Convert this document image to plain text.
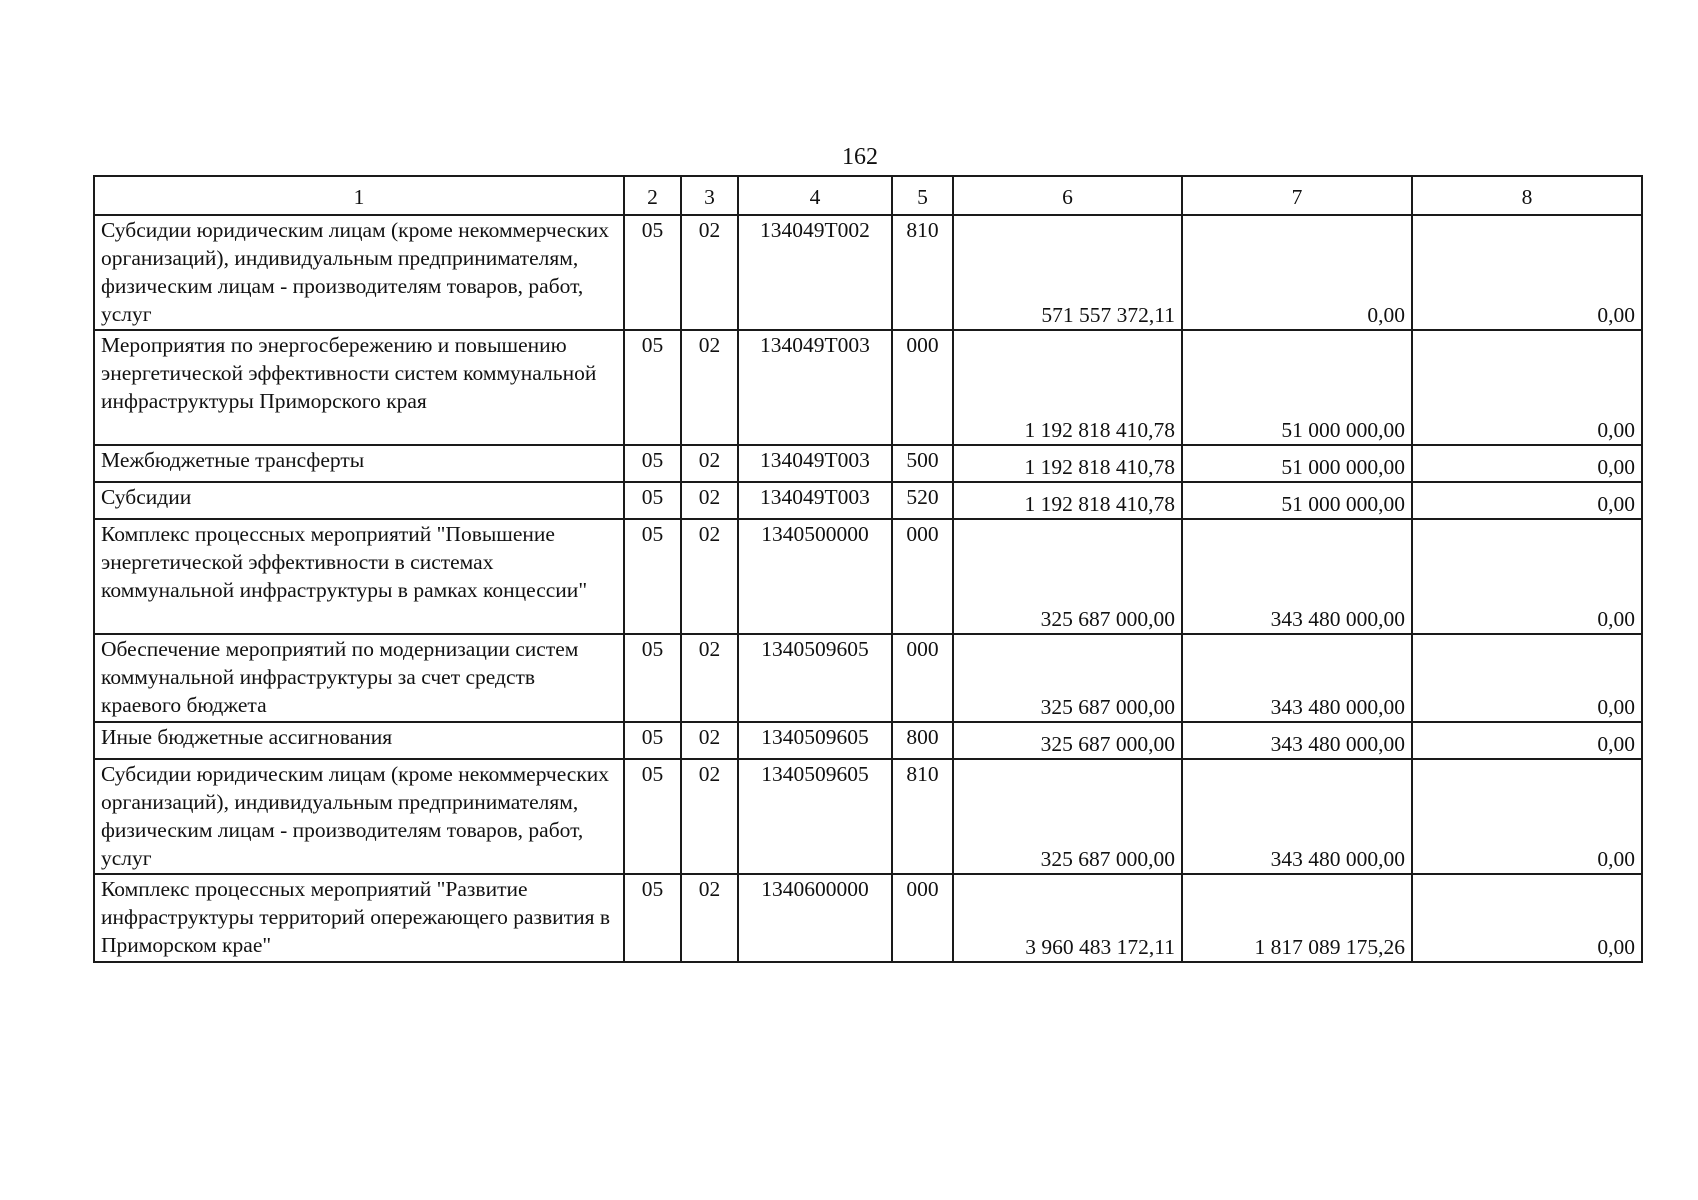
162
1	2	3	4	5	6	7	8
Субсидии юридическим лицам (кроме некоммерческих организаций), индивидуальным предпринимателям, физическим лицам - производителям товаров, работ, услуг	05	02	134049Т002	810	571 557 372,11	0,00	0,00
Мероприятия по энергосбережению и повышению энергетической эффективности систем коммунальной инфраструктуры Приморского края	05	02	134049Т003	000	1 192 818 410,78	51 000 000,00	0,00
Межбюджетные трансферты	05	02	134049Т003	500	1 192 818 410,78	51 000 000,00	0,00
Субсидии	05	02	134049Т003	520	1 192 818 410,78	51 000 000,00	0,00
Комплекс процессных мероприятий "Повышение энергетической эффективности в системах коммунальной инфраструктуры в рамках концессии"	05	02	1340500000	000	325 687 000,00	343 480 000,00	0,00
Обеспечение мероприятий по модернизации систем коммунальной инфраструктуры за счет средств краевого бюджета	05	02	1340509605	000	325 687 000,00	343 480 000,00	0,00
Иные бюджетные ассигнования	05	02	1340509605	800	325 687 000,00	343 480 000,00	0,00
Субсидии юридическим лицам (кроме некоммерческих организаций), индивидуальным предпринимателям, физическим лицам - производителям товаров, работ, услуг	05	02	1340509605	810	325 687 000,00	343 480 000,00	0,00
Комплекс процессных мероприятий "Развитие инфраструктуры территорий опережающего развития в Приморском крае"	05	02	1340600000	000	3 960 483 172,11	1 817 089 175,26	0,00
